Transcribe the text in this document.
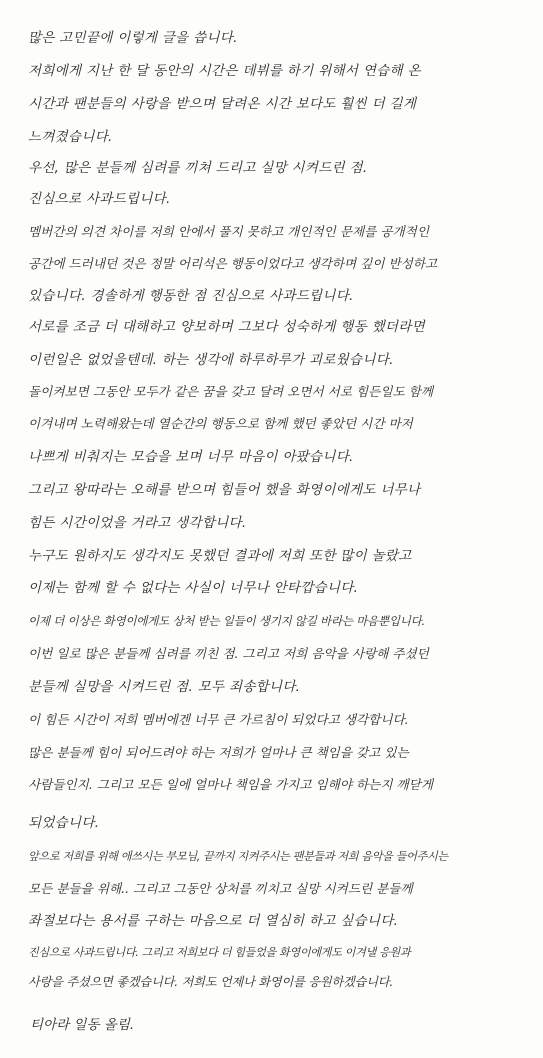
많은 고민끝에 이렇게 글을 씁니다.
저희에게 지난 한 달 동안의 시간은 데뷔를 하기 위해서 연습해 온
시간과 팬분들의 사랑을 받으며 달려온 시간 보다도 훨씬 더 길게
느껴졌습니다.
우선, 많은 분들께 심려를 끼쳐 드리고 실망 시켜드린 점.
진심으로 사과드립니다.
멤버간의 의견 차이를 저희 안에서 풀지 못하고 개인적인 문제를 공개적인
공간에 드러내던 것은 정말 어리석은 행동이었다고 생각하며 깊이 반성하고
있습니다. 경솔하게 행동한 점 진심으로 사과드립니다.
서로를 조금 더 대해하고 양보하며 그보다 성숙하게 행동 했더라면
이런일은 없었을텐데. 하는 생각에 하루하루가 괴로웠습니다.
돌이켜보면 그동안 모두가 같은 꿈을 갖고 달려 오면서 서로 힘든일도 함께
이겨내며 노력해왔는데 열순간의 행동으로 함께 했던 좋았던 시간 마저
나쁘게 비춰지는 모습을 보며 너무 마음이 아팠습니다.
그리고 왕따라는 오해를 받으며 힘들어 했을 화영이에게도 너무나
힘든 시간이었을 거라고 생각합니다.
누구도 원하지도 생각지도 못했던 결과에 저희 또한 많이 놀랐고
이제는 함께 할 수 없다는 사실이 너무나 안타깝습니다.
이제 더 이상은 화영이에게도 상처 받는 일들이 생기지 않길 바라는 마음뿐입니다.
이번 일로 많은 분들께 심려를 끼친 점. 그리고 저희 음악을 사랑해 주셨던
분들께 실망을 시켜드린 점. 모두 죄송합니다.
이 힘든 시간이 저희 멤버에겐 너무 큰 가르침이 되었다고 생각합니다.
많은 분들께 힘이 되어드려야 하는 저희가 얼마나 큰 책임을 갖고 있는
사람들인지. 그리고 모든 일에 얼마나 책임을 가지고 임해야 하는지 깨닫게
되었습니다.
앞으로 저희를 위해 애쓰시는 부모님, 끝까지 지켜주시는 팬분들과 저희 음악을 들어주시는
모든 분들을 위해.. 그리고 그동안 상처를 끼치고 실망 시켜드린 분들께
좌절보다는 용서를 구하는 마음으로 더 열심히 하고 싶습니다.
진심으로 사과드립니다. 그리고 저희보다 더 힘들었을 화영이에게도 이겨낼 응원과
사랑을 주셨으면 좋겠습니다. 저희도 언제나 화영이를 응원하겠습니다.
티아라 일동 올림.
